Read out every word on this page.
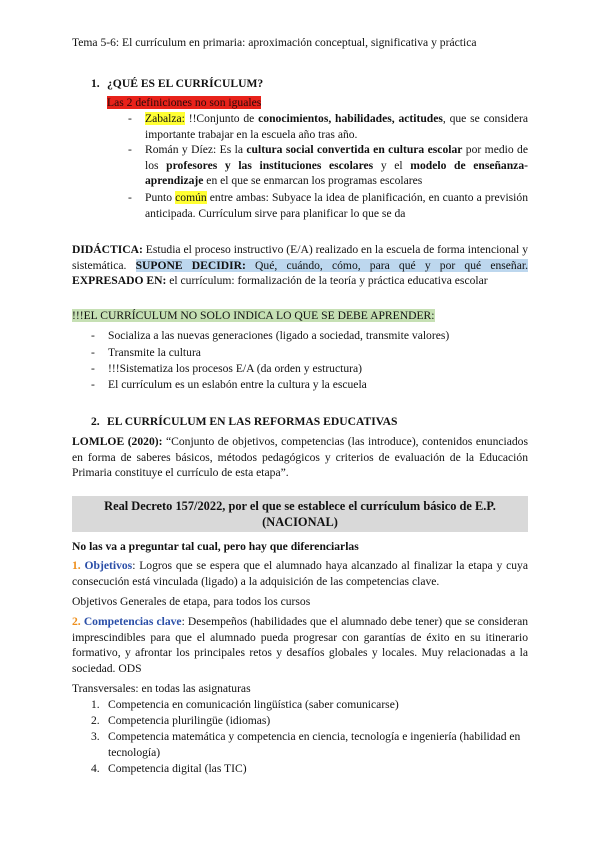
Tema 5-6: El currículum en primaria: aproximación conceptual, significativa y práctica
1. ¿QUÉ ES EL CURRÍCULUM?
Las 2 definiciones no son iguales
- Zabalza: !!Conjunto de conocimientos, habilidades, actitudes, que se considera importante trabajar en la escuela año tras año.
- Román y Díez: Es la cultura social convertida en cultura escolar por medio de los profesores y las instituciones escolares y el modelo de enseñanza-aprendizaje en el que se enmarcan los programas escolares
- Punto común entre ambas: Subyace la idea de planificación, en cuanto a previsión anticipada. Currículum sirve para planificar lo que se da
DIDÁCTICA: Estudia el proceso instructivo (E/A) realizado en la escuela de forma intencional y sistemática. SUPONE DECIDIR: Qué, cuándo, cómo, para qué y por qué enseñar. EXPRESADO EN: el currículum: formalización de la teoría y práctica educativa escolar
!!!EL CURRÍCULUM NO SOLO INDICA LO QUE SE DEBE APRENDER:
- Socializa a las nuevas generaciones (ligado a sociedad, transmite valores)
- Transmite la cultura
- !!!Sistematiza los procesos E/A (da orden y estructura)
- El currículum es un eslabón entre la cultura y la escuela
2. EL CURRÍCULUM EN LAS REFORMAS EDUCATIVAS
LOMLOE (2020): “Conjunto de objetivos, competencias (las introduce), contenidos enunciados en forma de saberes básicos, métodos pedagógicos y criterios de evaluación de la Educación Primaria constituye el currículo de esta etapa”.
Real Decreto 157/2022, por el que se establece el currículum básico de E.P. (NACIONAL)
No las va a preguntar tal cual, pero hay que diferenciarlas
1. Objetivos: Logros que se espera que el alumnado haya alcanzado al finalizar la etapa y cuya consecución está vinculada (ligado) a la adquisición de las competencias clave.
Objetivos Generales de etapa, para todos los cursos
2. Competencias clave: Desempeños (habilidades que el alumnado debe tener) que se consideran imprescindibles para que el alumnado pueda progresar con garantías de éxito en su itinerario formativo, y afrontar los principales retos y desafíos globales y locales. Muy relacionadas a la sociedad. ODS
Transversales: en todas las asignaturas
1. Competencia en comunicación lingüística (saber comunicarse)
2. Competencia plurilingüe (idiomas)
3. Competencia matemática y competencia en ciencia, tecnología e ingeniería (habilidad en tecnología)
4. Competencia digital (las TIC)
